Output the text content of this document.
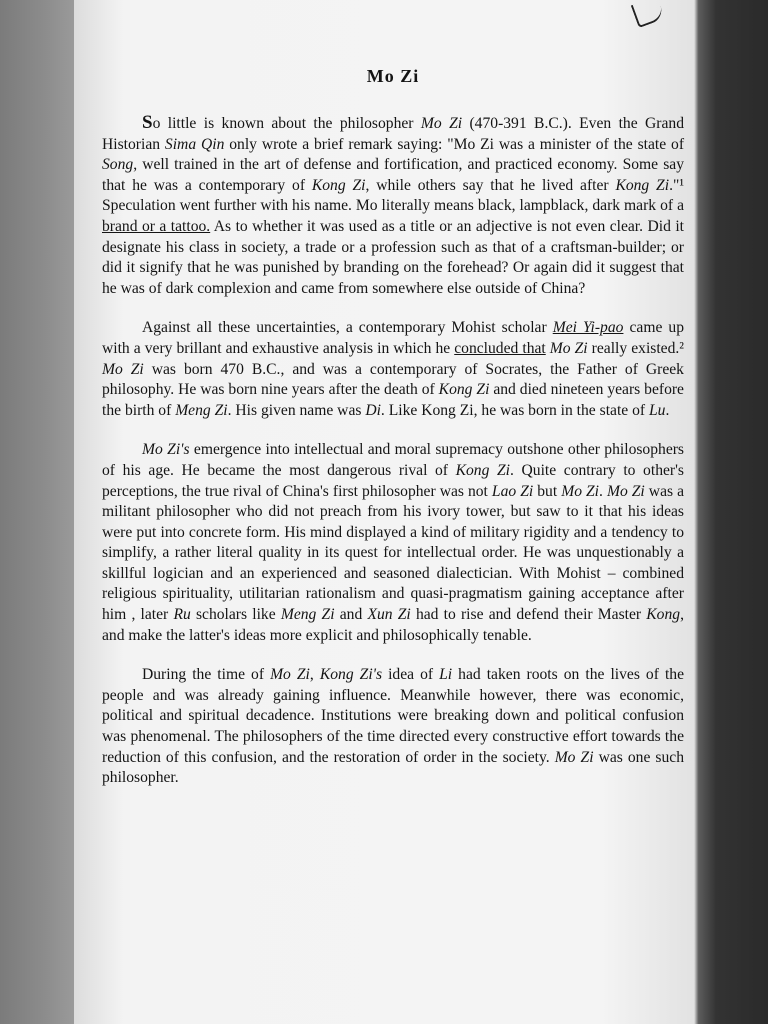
Mo Zi

So little is known about the philosopher Mo Zi (470-391 B.C.). Even the Grand Historian Sima Qin only wrote a brief remark saying: "Mo Zi was a minister of the state of Song, well trained in the art of defense and fortification, and practiced economy. Some say that he was a contemporary of Kong Zi, while others say that he lived after Kong Zi."¹ Speculation went further with his name. Mo literally means black, lampblack, dark mark of a brand or a tattoo. As to whether it was used as a title or an adjective is not even clear. Did it designate his class in society, a trade or a profession such as that of a craftsman-builder; or did it signify that he was punished by branding on the forehead? Or again did it suggest that he was of dark complexion and came from somewhere else outside of China?

Against all these uncertainties, a contemporary Mohist scholar Mei Yi-pao came up with a very brillant and exhaustive analysis in which he concluded that Mo Zi really existed.² Mo Zi was born 470 B.C., and was a contemporary of Socrates, the Father of Greek philosophy. He was born nine years after the death of Kong Zi and died nineteen years before the birth of Meng Zi. His given name was Di. Like Kong Zi, he was born in the state of Lu.

Mo Zi's emergence into intellectual and moral supremacy outshone other philosophers of his age. He became the most dangerous rival of Kong Zi. Quite contrary to other's perceptions, the true rival of China's first philosopher was not Lao Zi but Mo Zi. Mo Zi was a militant philosopher who did not preach from his ivory tower, but saw to it that his ideas were put into concrete form. His mind displayed a kind of military rigidity and a tendency to simplify, a rather literal quality in its quest for intellectual order. He was unquestionably a skillful logician and an experienced and seasoned dialectician. With Mohist – combined religious spirituality, utilitarian rationalism and quasi-pragmatism gaining acceptance after him , later Ru scholars like Meng Zi and Xun Zi had to rise and defend their Master Kong, and make the latter's ideas more explicit and philosophically tenable.

During the time of Mo Zi, Kong Zi's idea of Li had taken roots on the lives of the people and was already gaining influence. Meanwhile however, there was economic, political and spiritual decadence. Institutions were breaking down and political confusion was phenomenal. The philosophers of the time directed every constructive effort towards the reduction of this confusion, and the restoration of order in the society. Mo Zi was one such philosopher.
